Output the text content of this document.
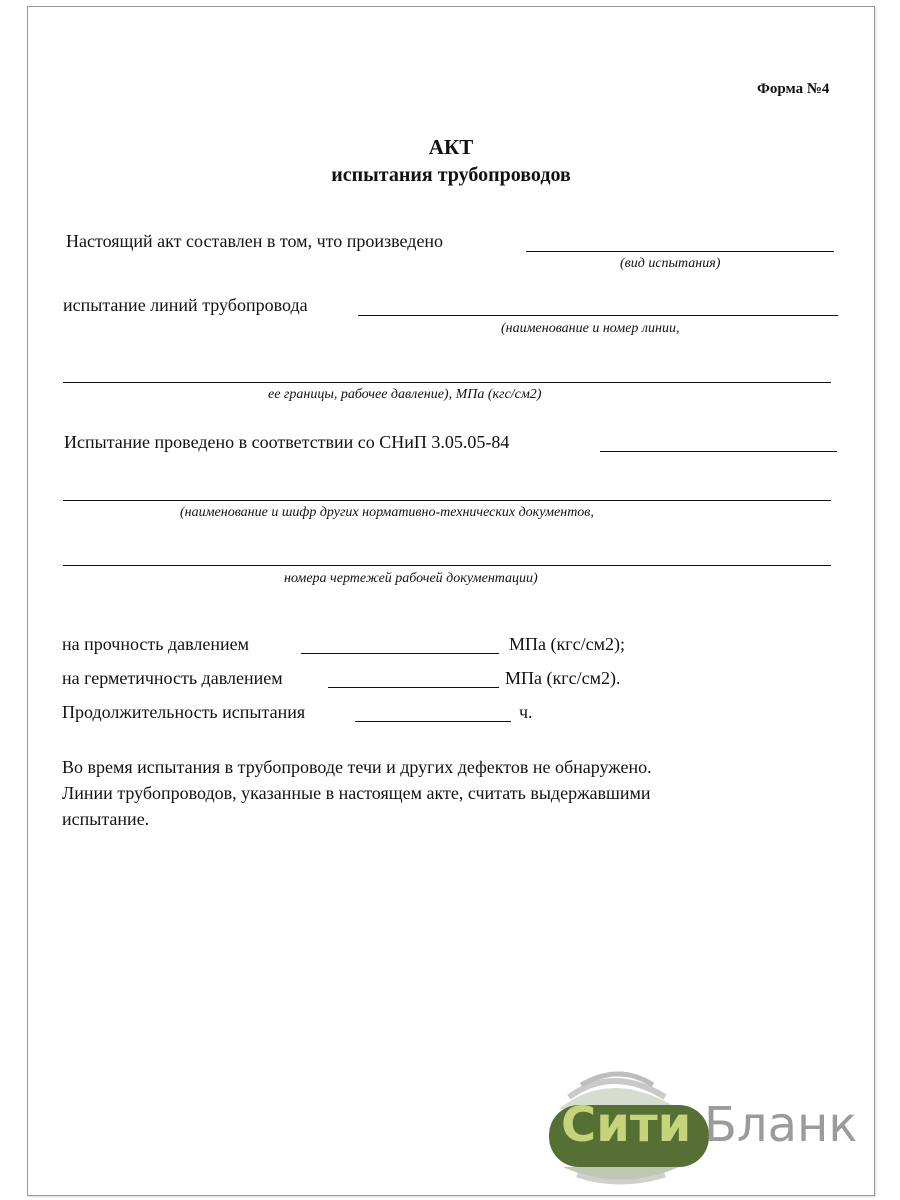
Форма №4
АКТ
испытания трубопроводов
Настоящий акт составлен в том, что произведено
(вид испытания)
испытание линий трубопровода
(наименование и номер линии,
ее границы, рабочее давление), МПа (кгс/см2)
Испытание проведено в соответствии со СНиП 3.05.05-84
(наименование и шифр других нормативно-технических документов,
номера чертежей рабочей документации)
на прочность давлением	МПа (кгс/см2);
на герметичность давлением	МПа (кгс/см2).
Продолжительность испытания	ч.
Во время испытания в трубопроводе течи и других дефектов не обнаружено.
Линии трубопроводов, указанные в настоящем акте, считать выдержавшими
испытание.
Сити Бланк
